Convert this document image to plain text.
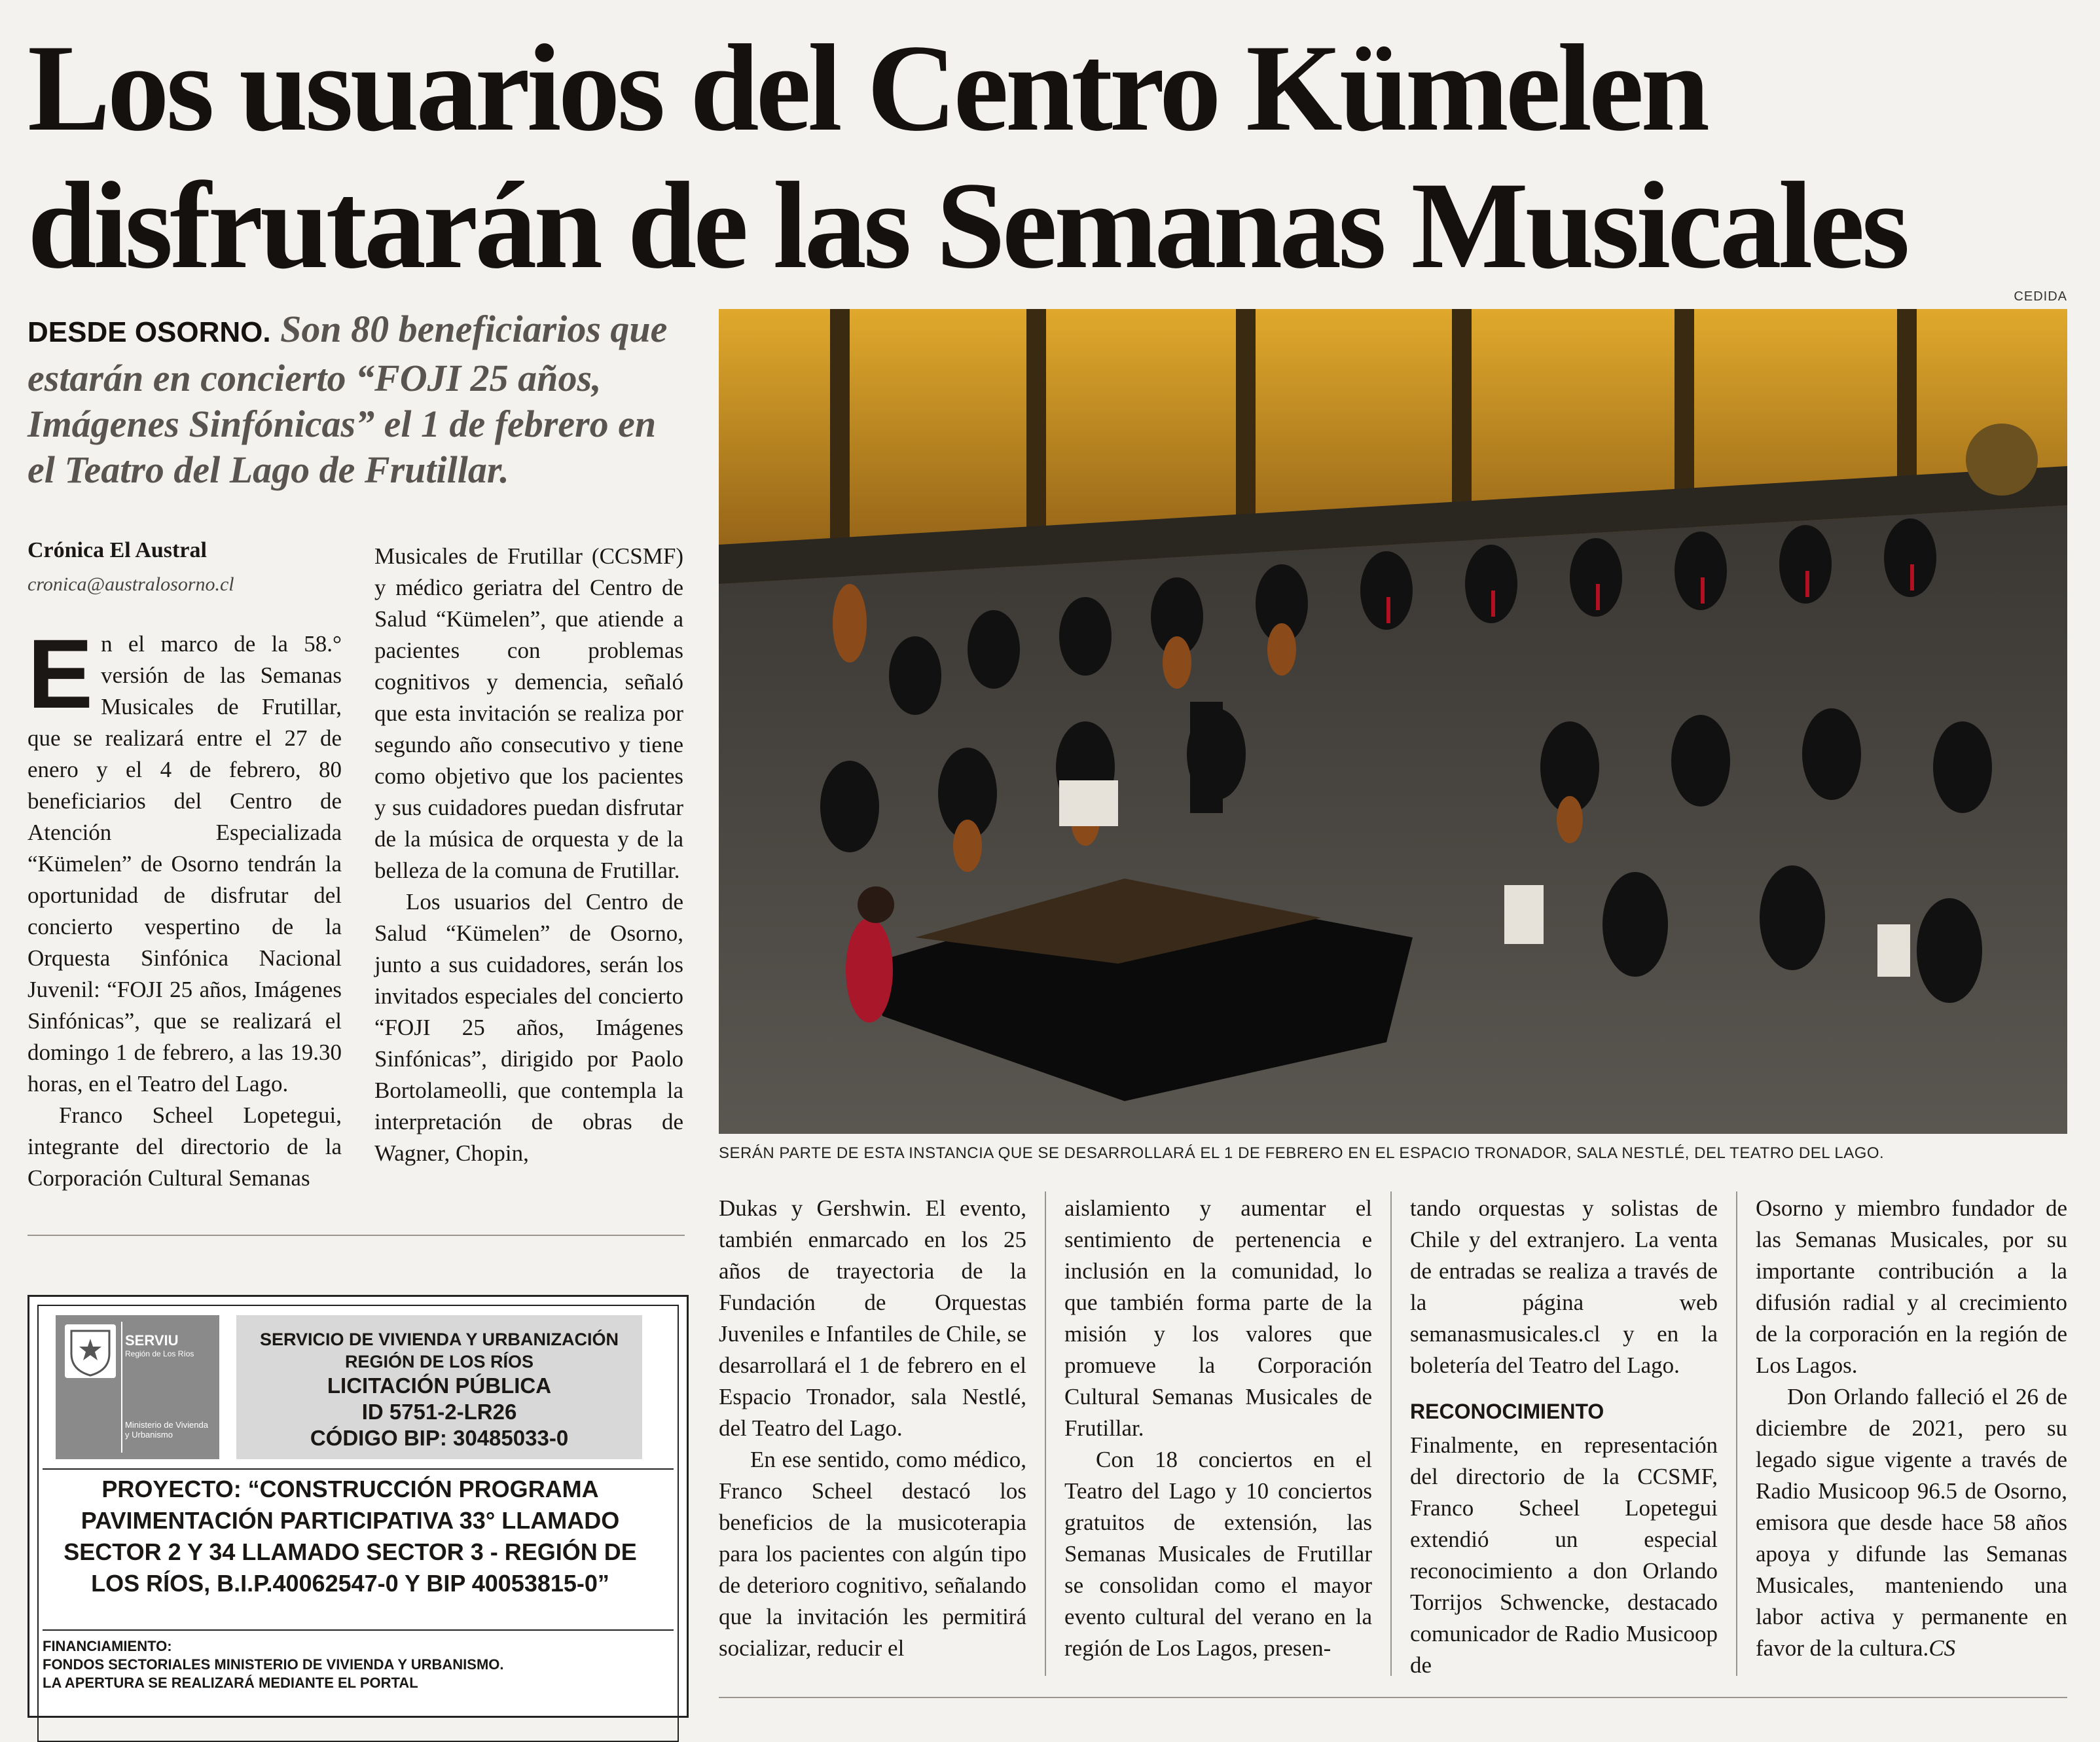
Los usuarios del Centro Kümelen disfrutarán de las Semanas Musicales
CEDIDA
DESDE OSORNO. Son 80 beneficiarios que estarán en concierto “FOJI 25 años, Imágenes Sinfónicas” el 1 de febrero en el Teatro del Lago de Frutillar.
Crónica El Austral
cronica@australosorno.cl

En el marco de la 58.° versión de las Semanas Musicales de Frutillar, que se realizará entre el 27 de enero y el 4 de febrero, 80 beneficiarios del Centro de Atención Especializada “Kümelen” de Osorno tendrán la oportunidad de disfrutar del concierto vespertino de la Orquesta Sinfónica Nacional Juvenil: “FOJI 25 años, Imágenes Sinfónicas”, que se realizará el domingo 1 de febrero, a las 19.30 horas, en el Teatro del Lago.

Franco Scheel Lopetegui, integrante del directorio de la Corporación Cultural Semanas

Musicales de Frutillar (CCSMF) y médico geriatra del Centro de Salud “Kümelen”, que atiende a pacientes con problemas cognitivos y demencia, señaló que esta invitación se realiza por segundo año consecutivo y tiene como objetivo que los pacientes y sus cuidadores puedan disfrutar de la música de orquesta y de la belleza de la comuna de Frutillar.

Los usuarios del Centro de Salud “Kümelen” de Osorno, junto a sus cuidadores, serán los invitados especiales del concierto “FOJI 25 años, Imágenes Sinfónicas”, dirigido por Paolo Bortolameolli, que contempla la interpretación de obras de Wagner, Chopin,	SERÁN PARTE DE ESTA INSTANCIA QUE SE DESARROLLARÁ EL 1 DE FEBRERO EN EL ESPACIO TRONADOR, SALA NESTLÉ, DEL TEATRO DEL LAGO.

Dukas y Gershwin. El evento, también enmarcado en los 25 años de trayectoria de la Fundación de Orquestas Juveniles e Infantiles de Chile, se desarrollará el 1 de febrero en el Espacio Tronador, sala Nestlé, del Teatro del Lago.

En ese sentido, como médico, Franco Scheel destacó los beneficios de la musicoterapia para los pacientes con algún tipo de deterioro cognitivo, señalando que la invitación les permitirá socializar, reducir el

aislamiento y aumentar el sentimiento de pertenencia e inclusión en la comunidad, lo que también forma parte de la misión y los valores que promueve la Corporación Cultural Semanas Musicales de Frutillar.

Con 18 conciertos en el Teatro del Lago y 10 conciertos gratuitos de extensión, las Semanas Musicales de Frutillar se consolidan como el mayor evento cultural del verano en la región de Los Lagos, presen-

tando orquestas y solistas de Chile y del extranjero. La venta de entradas se realiza a través de la página web semanasmusicales.cl y en la boletería del Teatro del Lago.

RECONOCIMIENTO

Finalmente, en representación del directorio de la CCSMF, Franco Scheel Lopetegui extendió un especial reconocimiento a don Orlando Torrijos Schwencke, destacado comunicador de Radio Musicoop de

Osorno y miembro fundador de las Semanas Musicales, por su importante contribución a la difusión radial y al crecimiento de la corporación en la región de Los Lagos.

Don Orlando falleció el 26 de diciembre de 2021, pero su legado sigue vigente a través de Radio Musicoop 96.5 de Osorno, emisora que desde hace 58 años apoya y difunde las Semanas Musicales, manteniendo una labor activa y permanente en favor de la cultura.CS

SERVIU
Región de Los Ríos
Ministerio de Vivienda y Urbanismo
SERVICIO DE VIVIENDA Y URBANIZACIÓN
REGIÓN DE LOS RÍOS
LICITACIÓN PÚBLICA
ID 5751-2-LR26
CÓDIGO BIP: 30485033-0
PROYECTO: “CONSTRUCCIÓN PROGRAMA PAVIMENTACIÓN PARTICIPATIVA 33° LLAMADO SECTOR 2 Y 34 LLAMADO SECTOR 3 - REGIÓN DE LOS RÍOS, B.I.P.40062547-0 Y BIP 40053815-0”
FINANCIAMIENTO:
FONDOS SECTORIALES MINISTERIO DE VIVIENDA Y URBANISMO.
LA APERTURA SE REALIZARÁ MEDIANTE EL PORTAL
